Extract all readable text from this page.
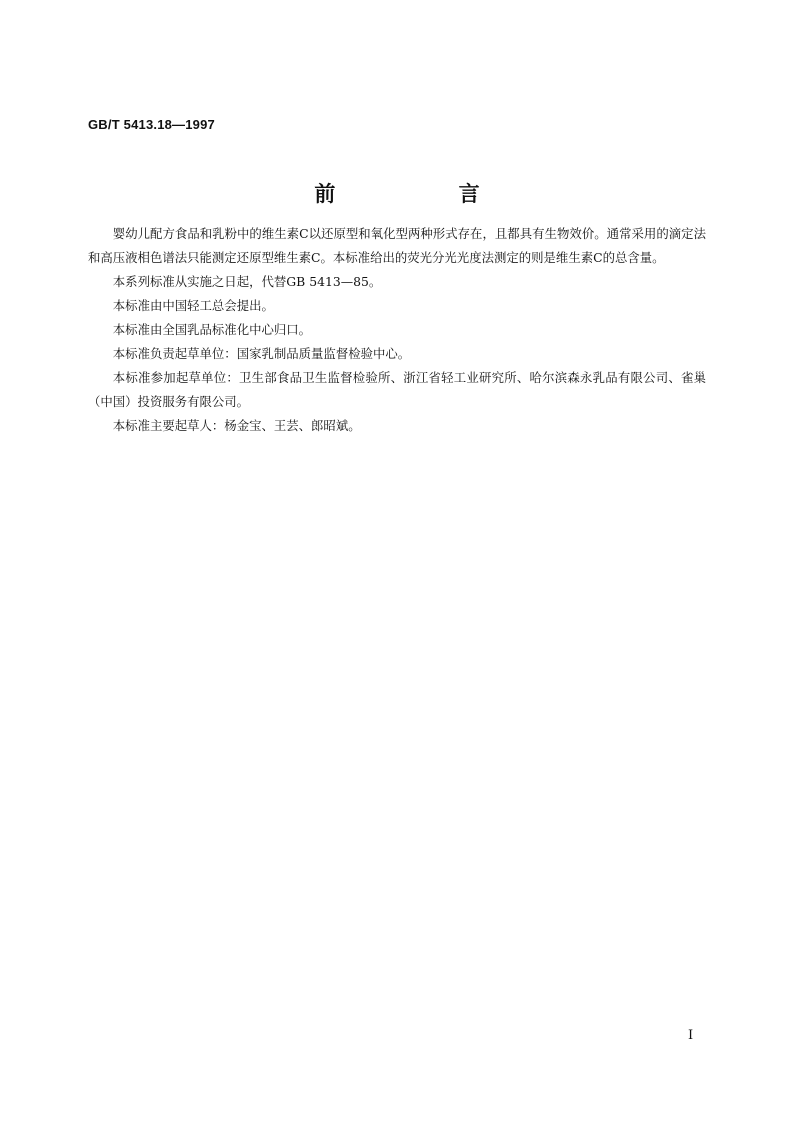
GB/T 5413.18—1997
前 言

婴幼儿配方食品和乳粉中的维生素C以还原型和氧化型两种形式存在，且都具有生物效价。通常采用的滴定法和高压液相色谱法只能测定还原型维生素C。本标准给出的荧光分光光度法测定的则是维生素C的总含量。

本系列标准从实施之日起，代替GB 5413—85。

本标准由中国轻工总会提出。

本标准由全国乳品标准化中心归口。

本标准负责起草单位：国家乳制品质量监督检验中心。

本标准参加起草单位：卫生部食品卫生监督检验所、浙江省轻工业研究所、哈尔滨森永乳品有限公司、雀巢（中国）投资服务有限公司。

本标准主要起草人：杨金宝、王芸、郎昭斌。

I
